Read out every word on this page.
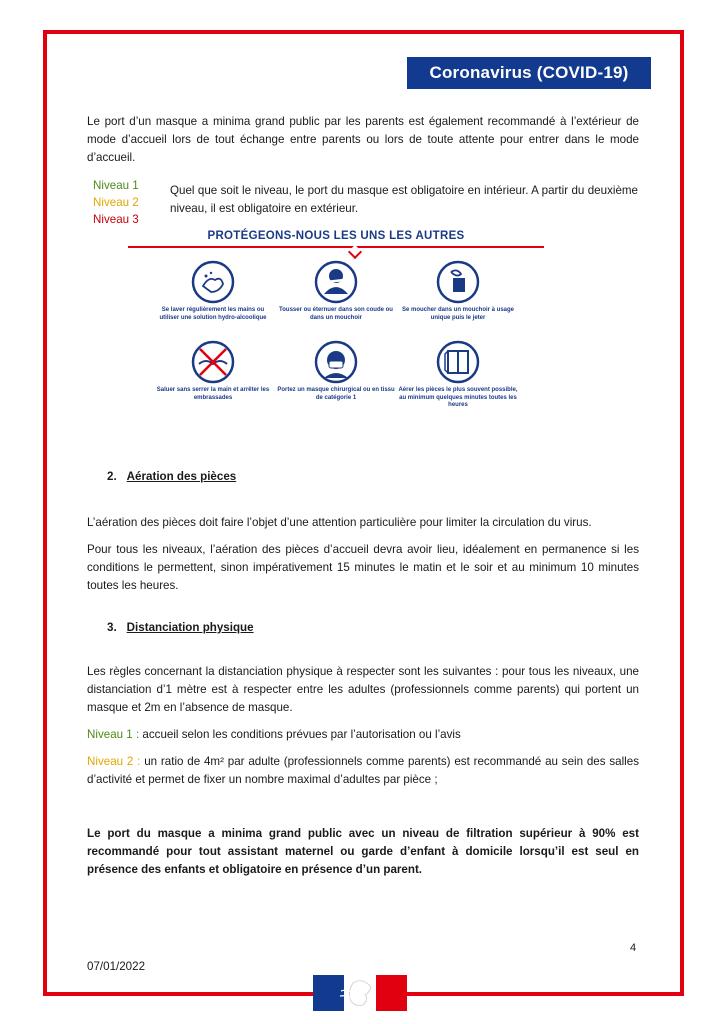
Coronavirus (COVID-19)

Le port d’un masque a minima grand public par les parents est également recommandé à l’extérieur de mode d’accueil lors de tout échange entre parents ou lors de toute attente pour entrer dans le mode d’accueil.

Niveau 1
Niveau 2
Niveau 3

Quel que soit le niveau, le port du masque est obligatoire en intérieur. A partir du deuxième niveau, il est obligatoire en extérieur.

PROTÉGEONS-NOUS LES UNS LES AUTRES
Se laver régulièrement les mains ou utiliser une solution hydro-alcoolique
Tousser ou éternuer dans son coude ou dans un mouchoir
Se moucher dans un mouchoir à usage unique puis le jeter
Saluer sans serrer la main et arrêter les embrassades
Portez un masque chirurgical ou en tissu de catégorie 1
Aérer les pièces le plus souvent possible, au minimum quelques minutes toutes les heures
2. Aération des pièces

L’aération des pièces doit faire l’objet d’une attention particulière pour limiter la circulation du virus.

Pour tous les niveaux, l’aération des pièces d’accueil devra avoir lieu, idéalement en permanence si les conditions le permettent, sinon impérativement 15 minutes le matin et le soir et au minimum 10 minutes toutes les heures.

3. Distanciation physique

Les règles concernant la distanciation physique à respecter sont les suivantes : pour tous les niveaux, une distanciation d’1 mètre est à respecter entre les adultes (professionnels comme parents) qui portent un masque et 2m en l’absence de masque.

Niveau 1 : accueil selon les conditions prévues par l’autorisation ou l’avis

Niveau 2 : un ratio de 4m² par adulte (professionnels comme parents) est recommandé au sein des salles d’activité et permet de fixer un nombre maximal d’adultes par pièce ;

Le port du masque a minima grand public avec un niveau de filtration supérieur à 90% est recommandé pour tout assistant maternel ou garde d’enfant à domicile lorsqu’il est seul en présence des enfants et obligatoire en présence d’un parent.

4
07/01/2022
